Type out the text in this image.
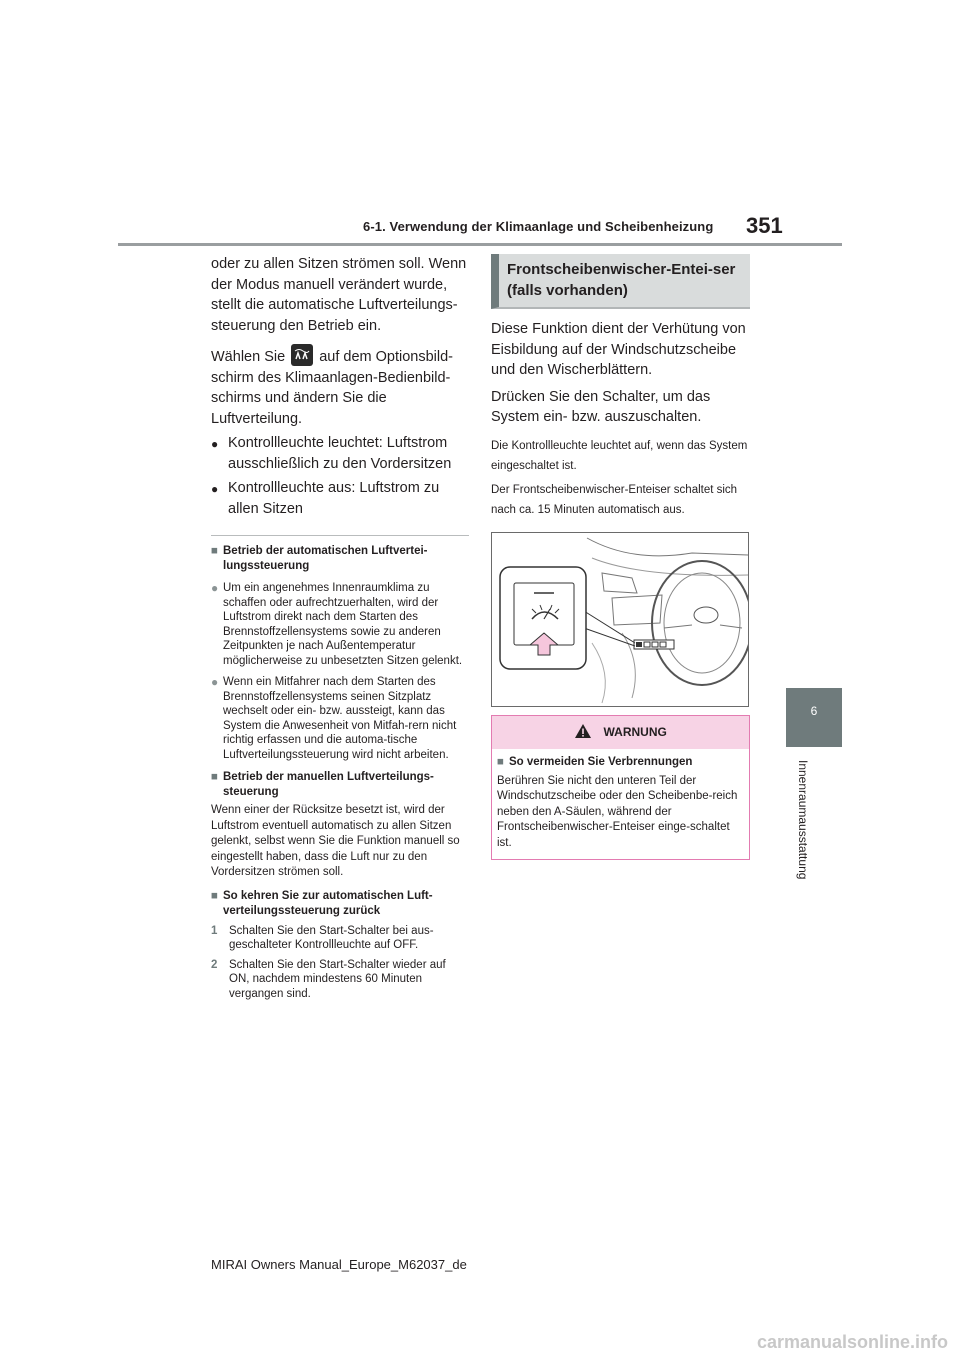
6-1. Verwendung der Klimaanlage und Scheibenheizung 351
6
Innenraumausstattung

oder zu allen Sitzen strömen soll. Wenn der Modus manuell verändert wurde, stellt die automatische Luftverteilungs-steuerung den Betrieb ein.

Wählen Sie auf dem Optionsbild-schirm des Klimaanlagen-Bedienbild-schirms und ändern Sie die Luftverteilung.

● Kontrollleuchte leuchtet: Luftstrom ausschließlich zu den Vordersitzen
● Kontrollleuchte aus: Luftstrom zu allen Sitzen
■ Betrieb der automatischen Luftvertei-lungssteuerung
● Um ein angenehmes Innenraumklima zu schaffen oder aufrechtzuerhalten, wird der Luftstrom direkt nach dem Starten des Brennstoffzellensystems sowie zu anderen Zeitpunkten je nach Außentemperatur möglicherweise zu unbesetzten Sitzen gelenkt.
● Wenn ein Mitfahrer nach dem Starten des Brennstoffzellensystems seinen Sitzplatz wechselt oder ein- bzw. aussteigt, kann das System die Anwesenheit von Mitfah-rern nicht richtig erfassen und die automa-tische Luftverteilungssteuerung wird nicht arbeiten.
■ Betrieb der manuellen Luftverteilungs-steuerung

Wenn einer der Rücksitze besetzt ist, wird der Luftstrom eventuell automatisch zu allen Sitzen gelenkt, selbst wenn Sie die Funktion manuell so eingestellt haben, dass die Luft nur zu den Vordersitzen strömen soll.

■ So kehren Sie zur automatischen Luft-verteilungssteuerung zurück
1	Schalten Sie den Start-Schalter bei aus-geschalteter Kontrollleuchte auf OFF.
2	Schalten Sie den Start-Schalter wieder auf ON, nachdem mindestens 60 Minuten vergangen sind.
Frontscheibenwischer-Entei-ser (falls vorhanden)

Diese Funktion dient der Verhütung von Eisbildung auf der Windschutzscheibe und den Wischerblättern.

Drücken Sie den Schalter, um das System ein- bzw. auszuschalten.

Die Kontrollleuchte leuchtet auf, wenn das System eingeschaltet ist.

Der Frontscheibenwischer-Enteiser schaltet sich nach ca. 15 Minuten automatisch aus.

WARNUNG
■ So vermeiden Sie Verbrennungen

Berühren Sie nicht den unteren Teil der Windschutzscheibe oder den Scheibenbe-reich neben den A-Säulen, während der Frontscheibenwischer-Enteiser einge-schaltet ist.

MIRAI Owners Manual_Europe_M62037_de
carmanualsonline.info
